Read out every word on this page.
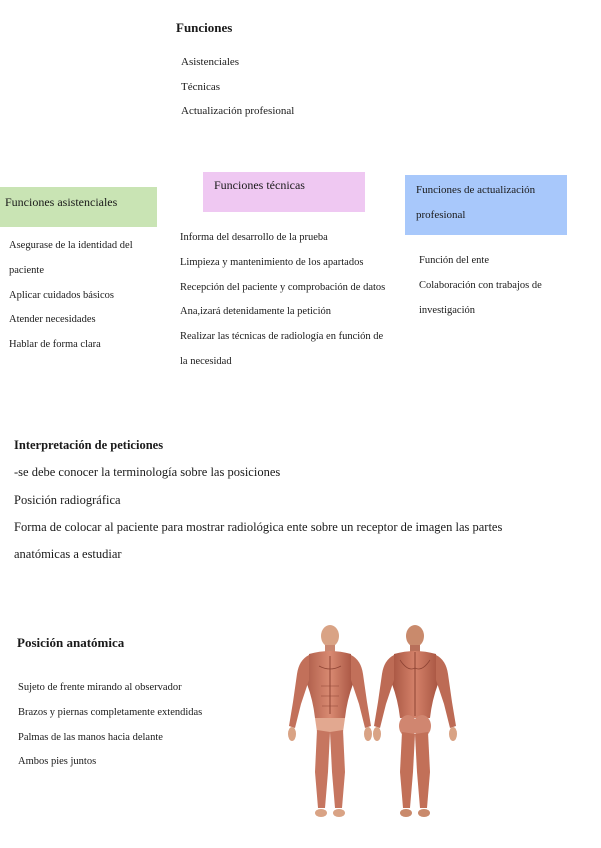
Funciones
Asistenciales
Técnicas
Actualización profesional
Funciones asistenciales
Funciones técnicas	Funciones de actualización
profesional
Asegurase de la identidad del
paciente
Aplicar cuidados básicos
Atender necesidades
Hablar de forma clara
Informa del desarrollo de la prueba
Limpieza y mantenimiento de los apartados
Recepción del paciente y comprobación de datos
Ana,izará detenidamente la petición
Realizar las técnicas de radiología en función de
la necesidad
Función del ente
Colaboración con trabajos de
investigación
Interpretación de peticiones
-se debe conocer la terminología sobre las posiciones
Posición radiográfica
Forma de colocar al paciente para mostrar radiológica ente sobre un receptor de imagen las partes
anatómicas a estudiar
Posición anatómica
Sujeto de frente mirando al observador
Brazos y piernas completamente extendidas
Palmas de las manos hacia delante
Ambos pies juntos
